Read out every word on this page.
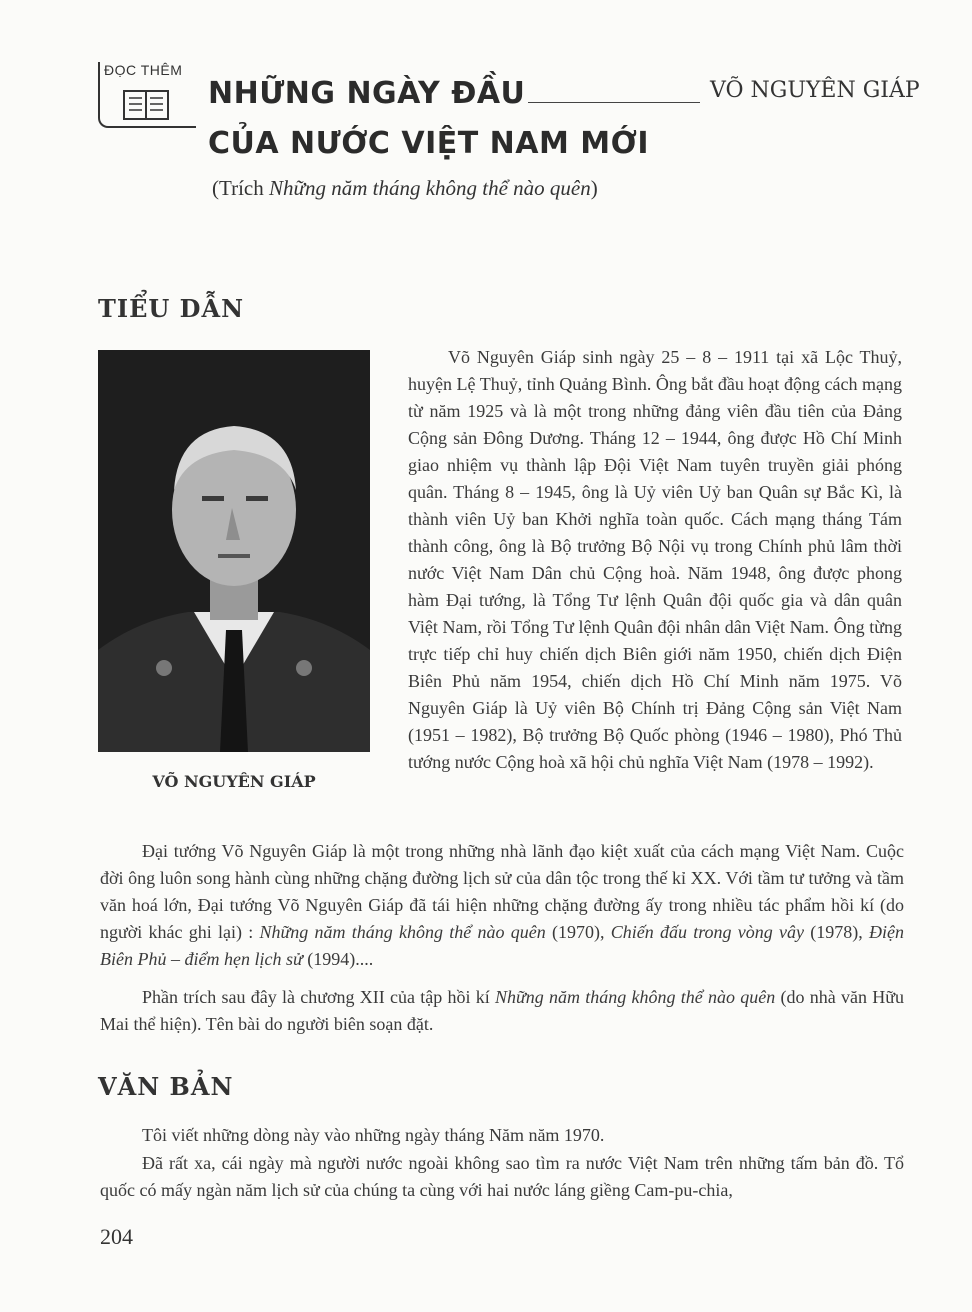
ĐỌC THÊM
NHỮNG NGÀY ĐẦU	VÕ NGUYÊN GIÁP
CỦA NƯỚC VIỆT NAM MỚI
(Trích Những năm tháng không thể nào quên)
TIỂU DẪN
VÕ NGUYÊN GIÁP

Võ Nguyên Giáp sinh ngày 25 – 8 – 1911 tại xã Lộc Thuỷ, huyện Lệ Thuỷ, tỉnh Quảng Bình. Ông bắt đầu hoạt động cách mạng từ năm 1925 và là một trong những đảng viên đầu tiên của Đảng Cộng sản Đông Dương. Tháng 12 – 1944, ông được Hồ Chí Minh giao nhiệm vụ thành lập Đội Việt Nam tuyên truyền giải phóng quân. Tháng 8 – 1945, ông là Uỷ viên Uỷ ban Quân sự Bắc Kì, là thành viên Uỷ ban Khởi nghĩa toàn quốc. Cách mạng tháng Tám thành công, ông là Bộ trưởng Bộ Nội vụ trong Chính phủ lâm thời nước Việt Nam Dân chủ Cộng hoà. Năm 1948, ông được phong hàm Đại tướng, là Tổng Tư lệnh Quân đội quốc gia và dân quân Việt Nam, rồi Tổng Tư lệnh Quân đội nhân dân Việt Nam. Ông từng trực tiếp chỉ huy chiến dịch Biên giới năm 1950, chiến dịch Điện Biên Phủ năm 1954, chiến dịch Hồ Chí Minh năm 1975. Võ Nguyên Giáp là Uỷ viên Bộ Chính trị Đảng Cộng sản Việt Nam (1951 – 1982), Bộ trưởng Bộ Quốc phòng (1946 – 1980), Phó Thủ tướng nước Cộng hoà xã hội chủ nghĩa Việt Nam (1978 – 1992).

Đại tướng Võ Nguyên Giáp là một trong những nhà lãnh đạo kiệt xuất của cách mạng Việt Nam. Cuộc đời ông luôn song hành cùng những chặng đường lịch sử của dân tộc trong thế kỉ XX. Với tầm tư tưởng và tầm văn hoá lớn, Đại tướng Võ Nguyên Giáp đã tái hiện những chặng đường ấy trong nhiều tác phẩm hồi kí (do người khác ghi lại) : Những năm tháng không thể nào quên (1970), Chiến đấu trong vòng vây (1978), Điện Biên Phủ – điểm hẹn lịch sử (1994)....

Phần trích sau đây là chương XII của tập hồi kí Những năm tháng không thể nào quên (do nhà văn Hữu Mai thể hiện). Tên bài do người biên soạn đặt.

VĂN BẢN

Tôi viết những dòng này vào những ngày tháng Năm năm 1970.

Đã rất xa, cái ngày mà người nước ngoài không sao tìm ra nước Việt Nam trên những tấm bản đồ. Tổ quốc có mấy ngàn năm lịch sử của chúng ta cùng với hai nước láng giềng Cam-pu-chia,

204
